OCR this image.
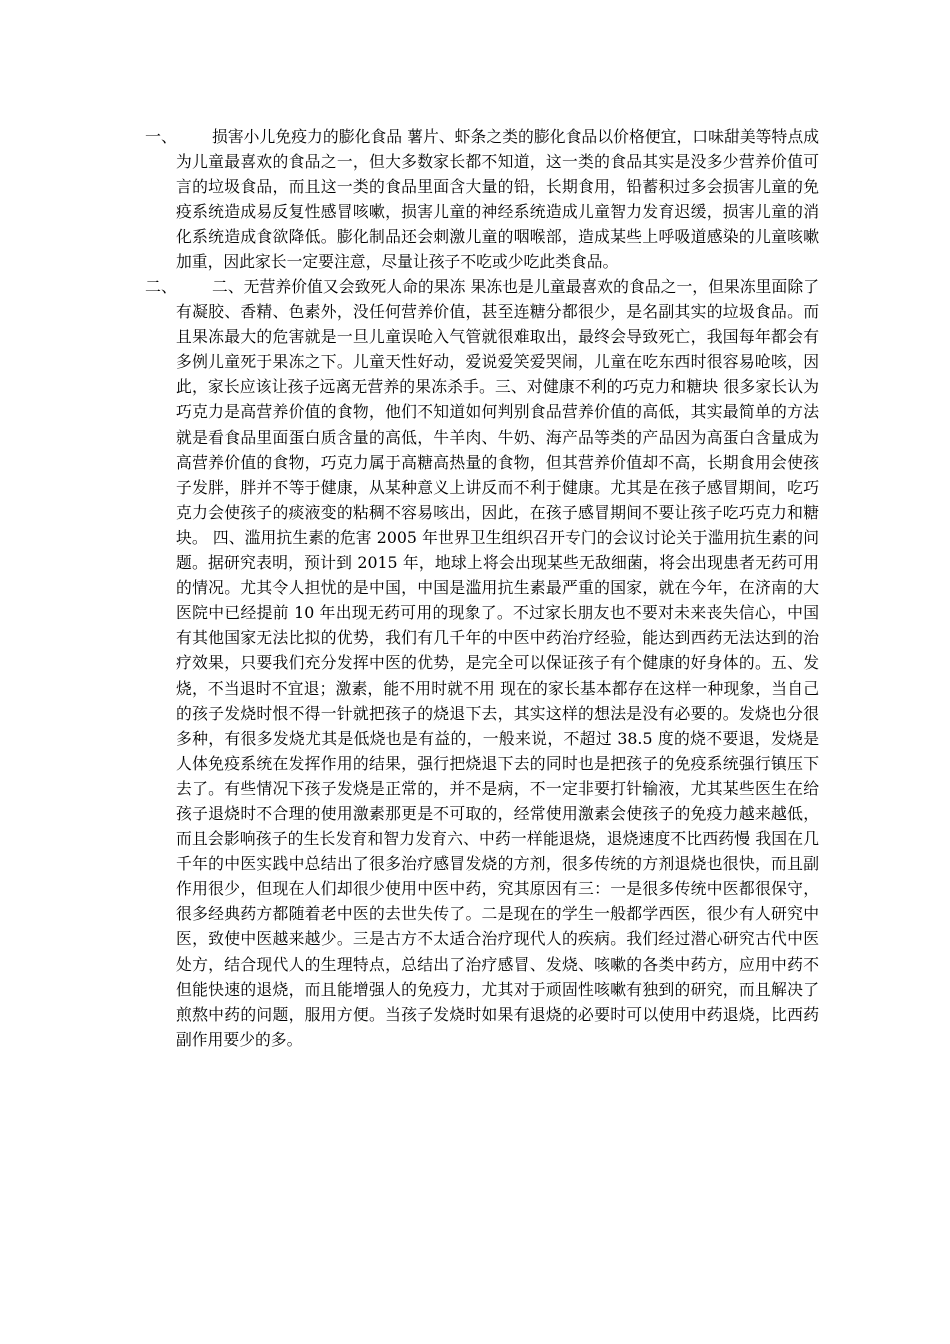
一、	损害小儿免疫力的膨化食品 薯片、虾条之类的膨化食品以价格便宜，口味甜美等特点成为儿童最喜欢的食品之一，但大多数家长都不知道，这一类的食品其实是没多少营养价值可言的垃圾食品，而且这一类的食品里面含大量的铅，长期食用，铅蓄积过多会损害儿童的免疫系统造成易反复性感冒咳嗽，损害儿童的神经系统造成儿童智力发育迟缓，损害儿童的消化系统造成食欲降低。膨化制品还会刺激儿童的咽喉部，造成某些上呼吸道感染的儿童咳嗽加重，因此家长一定要注意，尽量让孩子不吃或少吃此类食品。

二、	二、无营养价值又会致死人命的果冻 果冻也是儿童最喜欢的食品之一，但果冻里面除了有凝胶、香精、色素外，没任何营养价值，甚至连糖分都很少，是名副其实的垃圾食品。而且果冻最大的危害就是一旦儿童误呛入气管就很难取出，最终会导致死亡，我国每年都会有多例儿童死于果冻之下。儿童天性好动，爱说爱笑爱哭闹，儿童在吃东西时很容易呛咳，因此，家长应该让孩子远离无营养的果冻杀手。三、对健康不利的巧克力和糖块 很多家长认为巧克力是高营养价值的食物，他们不知道如何判别食品营养价值的高低，其实最简单的方法就是看食品里面蛋白质含量的高低，牛羊肉、牛奶、海产品等类的产品因为高蛋白含量成为高营养价值的食物，巧克力属于高糖高热量的食物，但其营养价值却不高，长期食用会使孩子发胖，胖并不等于健康，从某种意义上讲反而不利于健康。尤其是在孩子感冒期间，吃巧克力会使孩子的痰液变的粘稠不容易咳出，因此，在孩子感冒期间不要让孩子吃巧克力和糖块。 四、滥用抗生素的危害 2005 年世界卫生组织召开专门的会议讨论关于滥用抗生素的问题。据研究表明，预计到 2015 年，地球上将会出现某些无敌细菌，将会出现患者无药可用的情况。尤其令人担忧的是中国，中国是滥用抗生素最严重的国家，就在今年，在济南的大医院中已经提前 10 年出现无药可用的现象了。不过家长朋友也不要对未来丧失信心，中国有其他国家无法比拟的优势，我们有几千年的中医中药治疗经验，能达到西药无法达到的治疗效果，只要我们充分发挥中医的优势，是完全可以保证孩子有个健康的好身体的。五、发烧，不当退时不宜退；激素，能不用时就不用 现在的家长基本都存在这样一种现象，当自己的孩子发烧时恨不得一针就把孩子的烧退下去，其实这样的想法是没有必要的。发烧也分很多种，有很多发烧尤其是低烧也是有益的，一般来说，不超过 38.5 度的烧不要退，发烧是人体免疫系统在发挥作用的结果，强行把烧退下去的同时也是把孩子的免疫系统强行镇压下去了。有些情况下孩子发烧是正常的，并不是病，不一定非要打针输液，尤其某些医生在给孩子退烧时不合理的使用激素那更是不可取的，经常使用激素会使孩子的免疫力越来越低，而且会影响孩子的生长发育和智力发育六、中药一样能退烧，退烧速度不比西药慢 我国在几千年的中医实践中总结出了很多治疗感冒发烧的方剂，很多传统的方剂退烧也很快，而且副作用很少，但现在人们却很少使用中医中药，究其原因有三：一是很多传统中医都很保守，很多经典药方都随着老中医的去世失传了。二是现在的学生一般都学西医，很少有人研究中医，致使中医越来越少。三是古方不太适合治疗现代人的疾病。我们经过潜心研究古代中医处方，结合现代人的生理特点，总结出了治疗感冒、发烧、咳嗽的各类中药方，应用中药不但能快速的退烧，而且能增强人的免疫力，尤其对于顽固性咳嗽有独到的研究，而且解决了煎熬中药的问题，服用方便。当孩子发烧时如果有退烧的必要时可以使用中药退烧，比西药副作用要少的多。
